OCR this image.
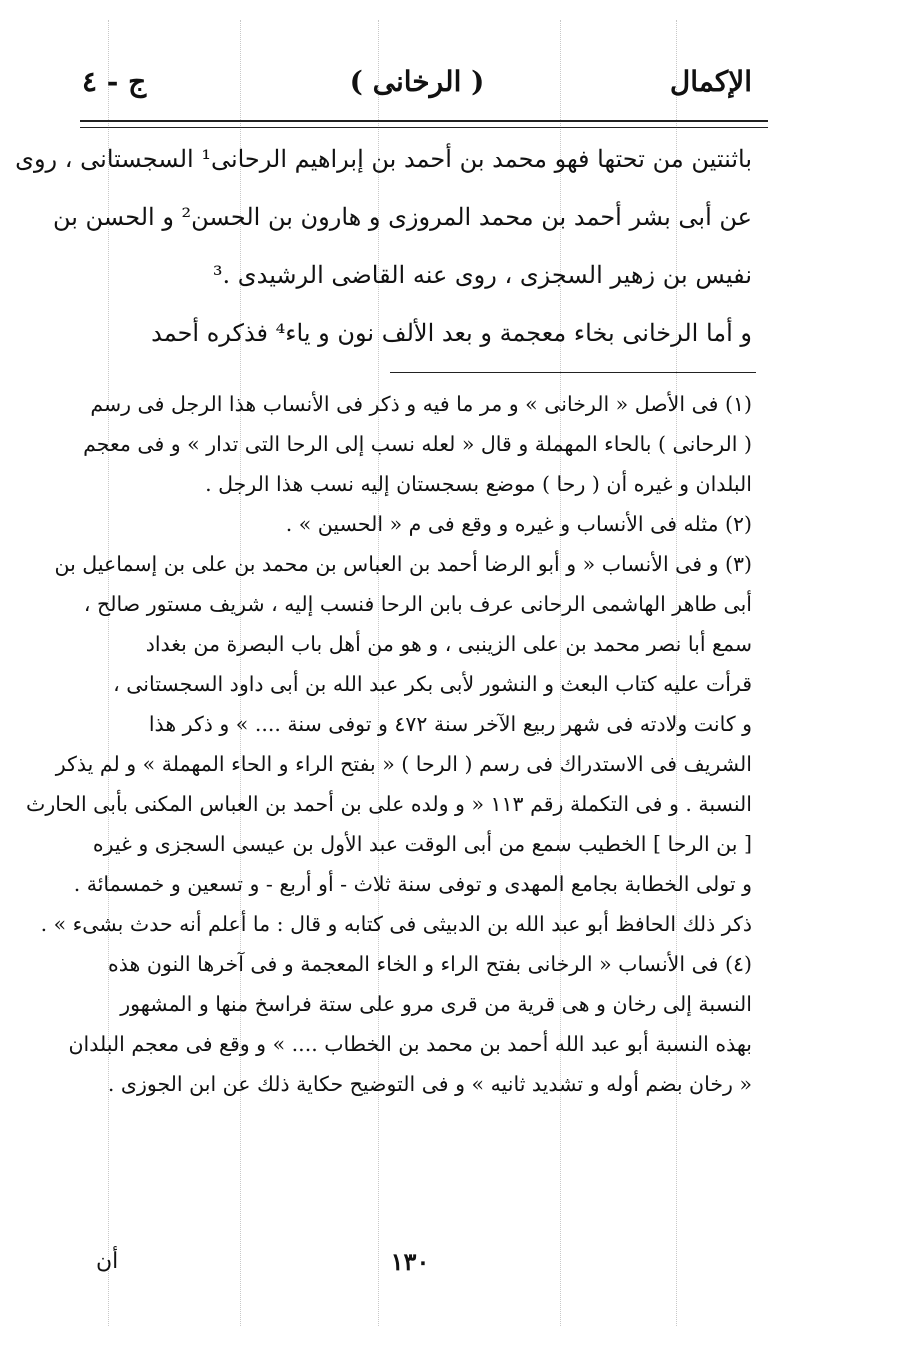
الإكمال
( الرخانى )
ج - ٤
باثنتين من تحتها فهو محمد بن أحمد بن إبراهيم الرحانى¹ السجستانى ، روى
عن أبى بشر أحمد بن محمد المروزى و هارون بن الحسن² و الحسن بن
نفيس بن زهير السجزى ، روى عنه القاضى الرشيدى .³
و أما الرخانى بخاء معجمة و بعد الألف نون و ياء⁴ فذكره أحمد
(١) فى الأصل « الرخانى » و مر ما فيه و ذكر فى الأنساب هذا الرجل فى رسم
( الرحانى ) بالحاء المهملة و قال « لعله نسب إلى الرحا التى تدار » و فى معجم
البلدان و غيره أن ( رحا ) موضع بسجستان إليه نسب هذا الرجل .
(٢) مثله فى الأنساب و غيره و وقع فى م « الحسين » .
(٣) و فى الأنساب « و أبو الرضا أحمد بن العباس بن محمد بن على بن إسماعيل بن
أبى طاهر الهاشمى الرحانى عرف بابن الرحا فنسب إليه ، شريف مستور صالح ،
سمع أبا نصر محمد بن على الزينبى ، و هو من أهل باب البصرة من بغداد
قرأت عليه كتاب البعث و النشور لأبى بكر عبد الله بن أبى داود السجستانى ،
و كانت ولادته فى شهر ربيع الآخر سنة ٤٧٢ و توفى سنة .... » و ذكر هذا
الشريف فى الاستدراك فى رسم ( الرحا ) « بفتح الراء و الحاء المهملة » و لم يذكر
النسبة . و فى التكملة رقم ١١٣ « و ولده على بن أحمد بن العباس المكنى بأبى الحارث
[ بن الرحا ] الخطيب سمع من أبى الوقت عبد الأول بن عيسى السجزى و غيره
و تولى الخطابة بجامع المهدى و توفى سنة ثلاث - أو أربع - و تسعين و خمسمائة .
ذكر ذلك الحافظ أبو عبد الله بن الدبيثى فى كتابه و قال : ما أعلم أنه حدث بشىء » .
(٤) فى الأنساب « الرخانى بفتح الراء و الخاء المعجمة و فى آخرها النون هذه
النسبة إلى رخان و هى قرية من قرى مرو على ستة فراسخ منها و المشهور
بهذه النسبة أبو عبد الله أحمد بن محمد بن الخطاب .... » و وقع فى معجم البلدان
« رخان بضم أوله و تشديد ثانيه » و فى التوضيح حكاية ذلك عن ابن الجوزى .
١٣٠
أن
